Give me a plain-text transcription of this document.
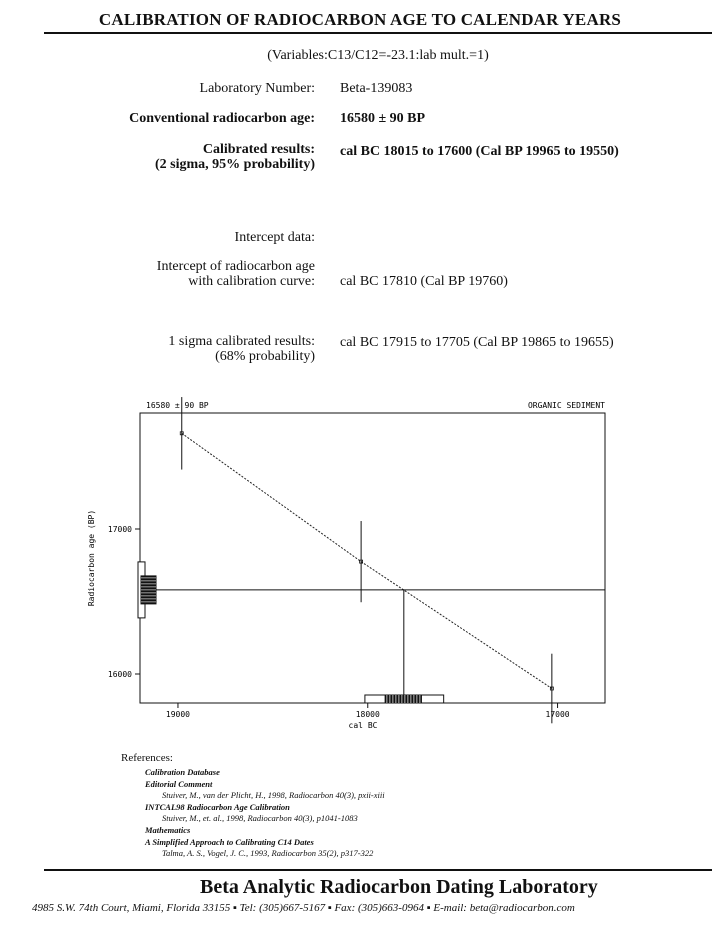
CALIBRATION OF RADIOCARBON AGE TO CALENDAR YEARS
(Variables:C13/C12=-23.1:lab mult.=1)
Laboratory Number: Beta-139083
Conventional radiocarbon age: 16580 ± 90 BP
Calibrated results:
(2 sigma, 95% probability)
cal BC 18015 to 17600 (Cal BP 19965 to 19550)
Intercept data:
Intercept of radiocarbon age
with calibration curve: cal BC 17810 (Cal BP 19760)
1 sigma calibrated results:
(68% probability)
cal BC 17915 to 17705 (Cal BP 19865 to 19655)
16580 ± 90 BP	ORGANIC SEDIMENT
cal BC
Radiocarbon age (BP)
19000	18000	17000
17000
16000
References:
Calibration Database
Editorial Comment
Stuiver, M., van der Plicht, H., 1998, Radiocarbon 40(3), pxii-xiii
INTCAL98 Radiocarbon Age Calibration
Stuiver, M., et. al., 1998, Radiocarbon 40(3), p1041-1083
Mathematics
A Simplified Approach to Calibrating C14 Dates
Talma, A. S., Vogel, J. C., 1993, Radiocarbon 35(2), p317-322
Beta Analytic Radiocarbon Dating Laboratory
4985 S.W. 74th Court, Miami, Florida 33155 ▪ Tel: (305)667-5167 ▪ Fax: (305)663-0964 ▪ E-mail: beta@radiocarbon.com
